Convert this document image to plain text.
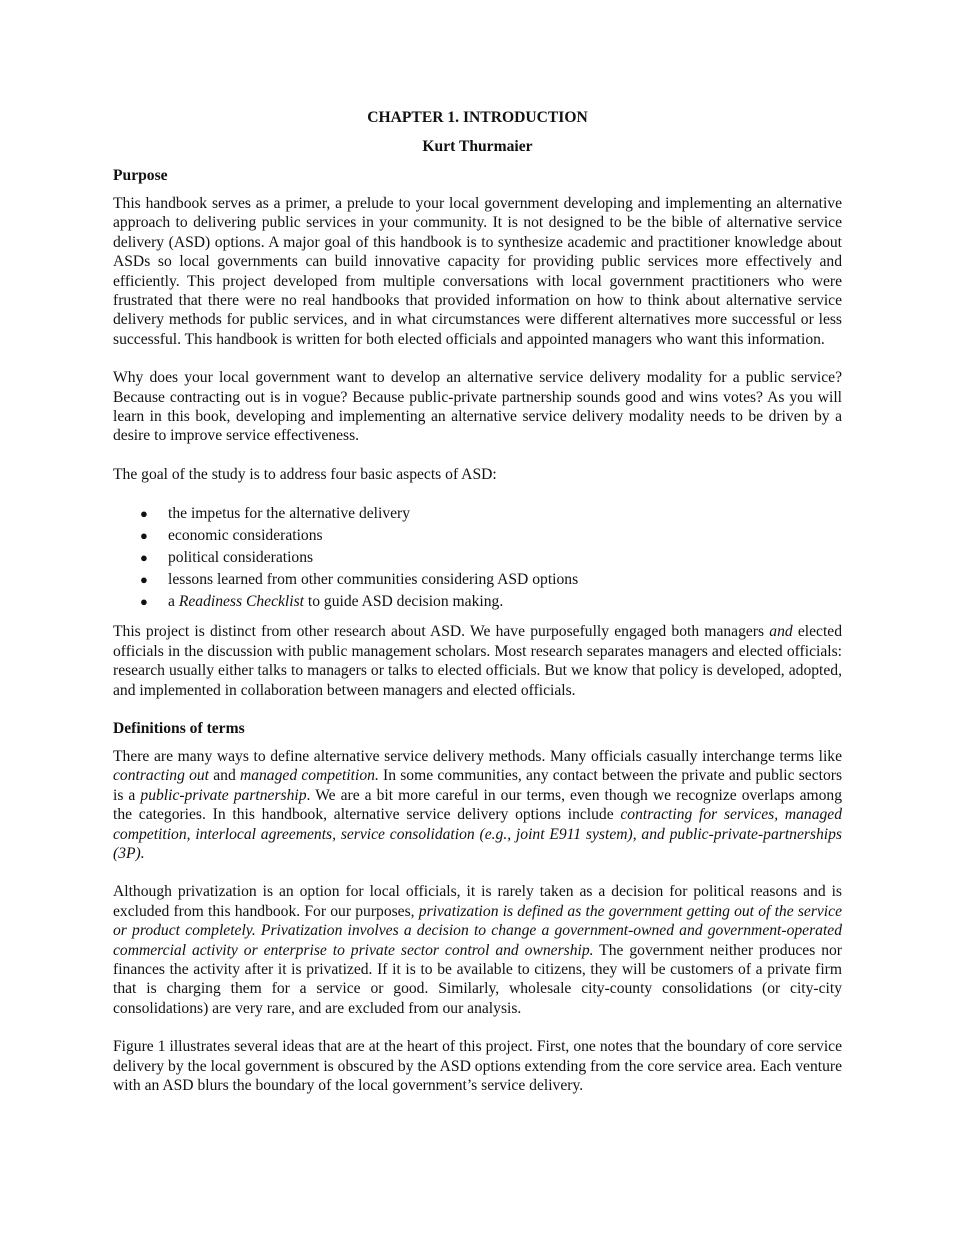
CHAPTER 1. INTRODUCTION
Kurt Thurmaier
Purpose

This handbook serves as a primer, a prelude to your local government developing and implementing an alternative approach to delivering public services in your community. It is not designed to be the bible of alternative service delivery (ASD) options. A major goal of this handbook is to synthesize academic and practitioner knowledge about ASDs so local governments can build innovative capacity for providing public services more effectively and efficiently. This project developed from multiple conversations with local government practitioners who were frustrated that there were no real handbooks that provided information on how to think about alternative service delivery methods for public services, and in what circumstances were different alternatives more successful or less successful. This handbook is written for both elected officials and appointed managers who want this information.

Why does your local government want to develop an alternative service delivery modality for a public service? Because contracting out is in vogue? Because public-private partnership sounds good and wins votes? As you will learn in this book, developing and implementing an alternative service delivery modality needs to be driven by a desire to improve service effectiveness.

The goal of the study is to address four basic aspects of ASD:

● the impetus for the alternative delivery
● economic considerations
● political considerations
● lessons learned from other communities considering ASD options
● a Readiness Checklist to guide ASD decision making.

This project is distinct from other research about ASD. We have purposefully engaged both managers and elected officials in the discussion with public management scholars. Most research separates managers and elected officials: research usually either talks to managers or talks to elected officials. But we know that policy is developed, adopted, and implemented in collaboration between managers and elected officials.

Definitions of terms

There are many ways to define alternative service delivery methods. Many officials casually interchange terms like contracting out and managed competition. In some communities, any contact between the private and public sectors is a public-private partnership. We are a bit more careful in our terms, even though we recognize overlaps among the categories. In this handbook, alternative service delivery options include contracting for services, managed competition, interlocal agreements, service consolidation (e.g., joint E911 system), and public-private-partnerships (3P).

Although privatization is an option for local officials, it is rarely taken as a decision for political reasons and is excluded from this handbook. For our purposes, privatization is defined as the government getting out of the service or product completely. Privatization involves a decision to change a government-owned and government-operated commercial activity or enterprise to private sector control and ownership. The government neither produces nor finances the activity after it is privatized. If it is to be available to citizens, they will be customers of a private firm that is charging them for a service or good. Similarly, wholesale city-county consolidations (or city-city consolidations) are very rare, and are excluded from our analysis.

Figure 1 illustrates several ideas that are at the heart of this project. First, one notes that the boundary of core service delivery by the local government is obscured by the ASD options extending from the core service area. Each venture with an ASD blurs the boundary of the local government’s service delivery.
